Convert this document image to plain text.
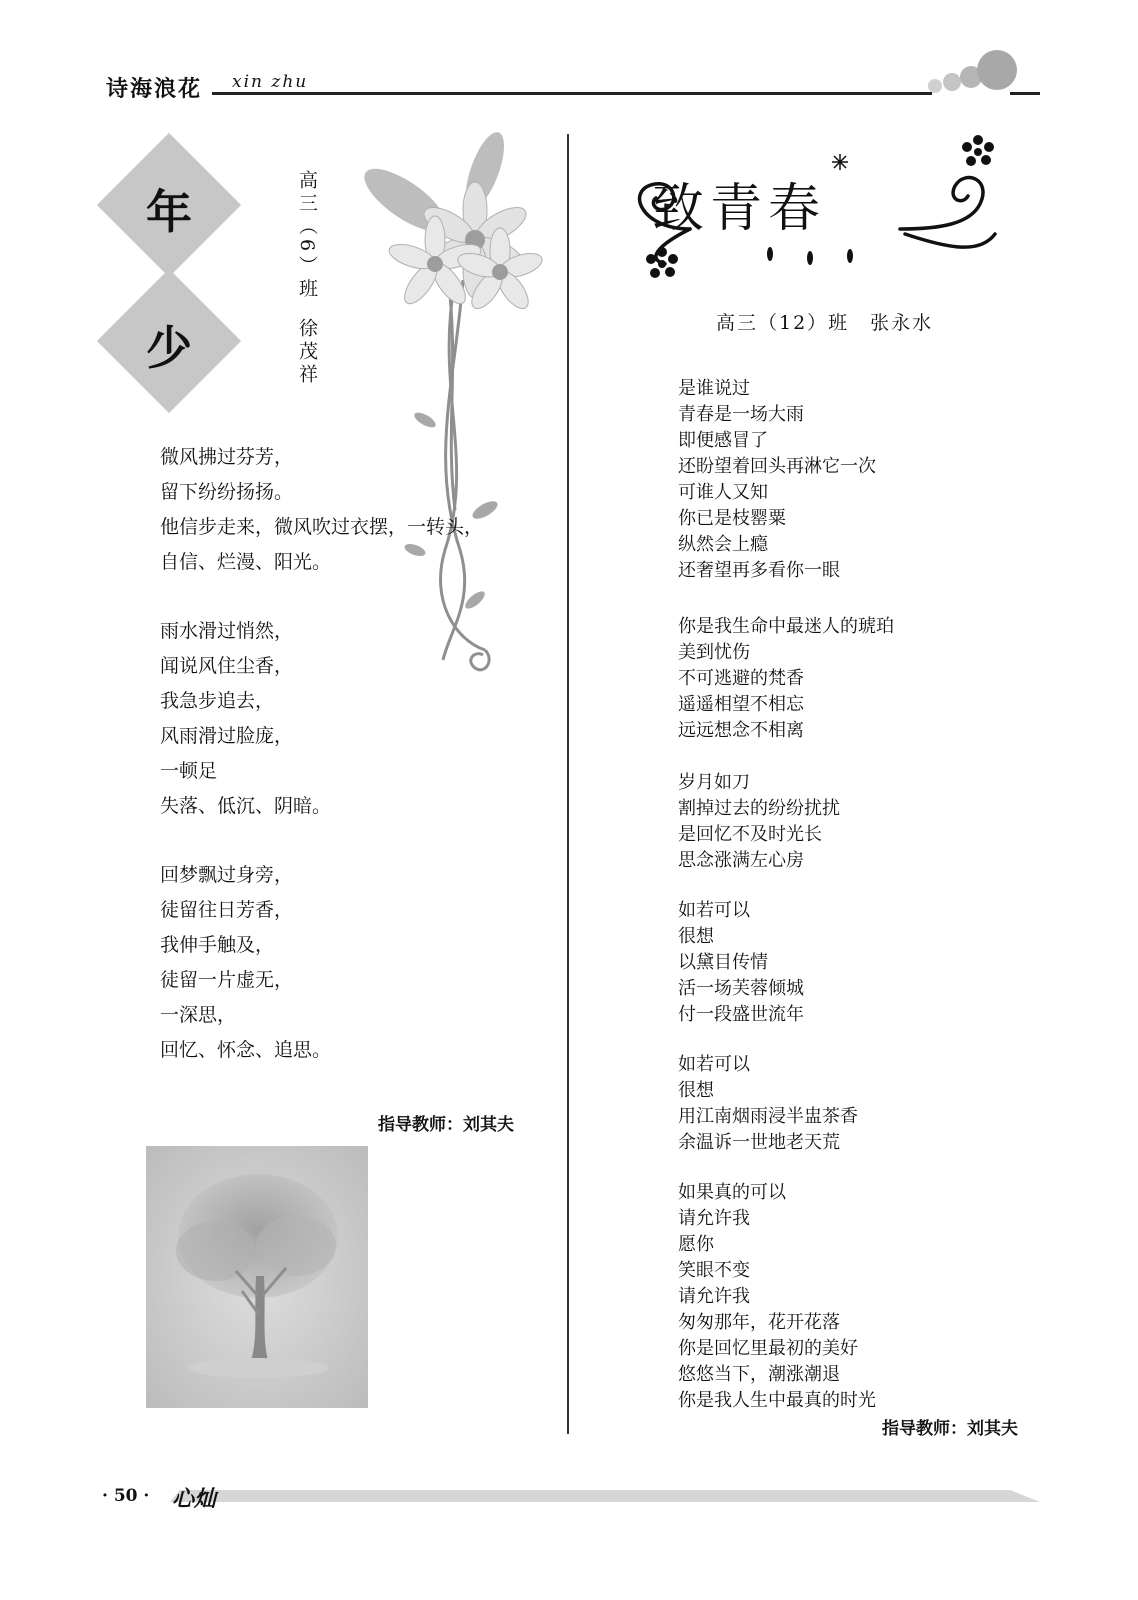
诗海浪花 xin zhu
年
少
高三（6）班
徐茂祥
微风拂过芬芳，
留下纷纷扬扬。
他信步走来，微风吹过衣摆，一转头，
自信、烂漫、阳光。
雨水滑过悄然，
闻说风住尘香，
我急步追去，
风雨滑过脸庞，
一顿足
失落、低沉、阴暗。
回梦飘过身旁，
徒留往日芳香，
我伸手触及，
徒留一片虚无，
一深思，
回忆、怀念、追思。
指导教师：刘其夫
致青春
高三（12）班　张永水
是谁说过
青春是一场大雨
即便感冒了
还盼望着回头再淋它一次
可谁人又知
你已是枝罂粟
纵然会上瘾
还奢望再多看你一眼
你是我生命中最迷人的琥珀
美到忧伤
不可逃避的梵香
遥遥相望不相忘
远远想念不相离
岁月如刀
割掉过去的纷纷扰扰
是回忆不及时光长
思念涨满左心房
如若可以
很想
以黛目传情
活一场芙蓉倾城
付一段盛世流年
如若可以
很想
用江南烟雨浸半盅茶香
余温诉一世地老天荒
如果真的可以
请允许我
愿你
笑眼不变
请允许我
匆匆那年，花开花落
你是回忆里最初的美好
悠悠当下，潮涨潮退
你是我人生中最真的时光
指导教师：刘其夫
· 50 · 心灿
